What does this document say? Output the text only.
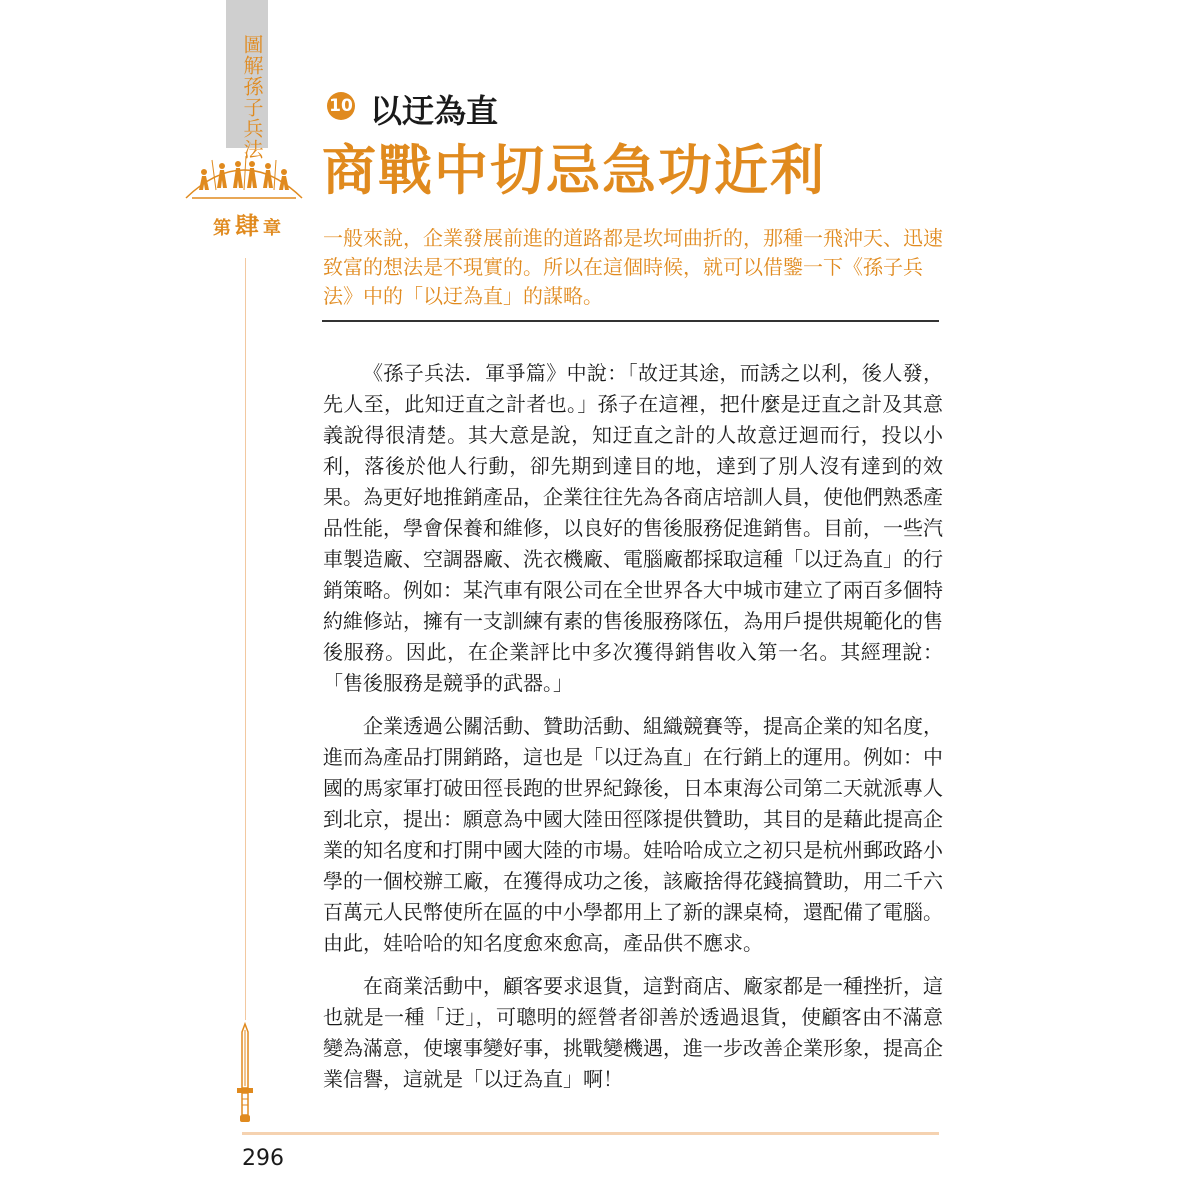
圖解孫子兵法
第肆章
10 以迂為直
商戰中切忌急功近利

一般來說，企業發展前進的道路都是坎坷曲折的，那種一飛沖天、迅速致富的想法是不現實的。所以在這個時候，就可以借鑒一下《孫子兵法》中的「以迂為直」的謀略。

《孫子兵法．軍爭篇》中說：「故迂其途，而誘之以利，後人發，先人至，此知迂直之計者也。」孫子在這裡，把什麼是迂直之計及其意義說得很清楚。其大意是說，知迂直之計的人故意迂迴而行，投以小利，落後於他人行動，卻先期到達目的地，達到了別人沒有達到的效果。為更好地推銷產品，企業往往先為各商店培訓人員，使他們熟悉產品性能，學會保養和維修，以良好的售後服務促進銷售。目前，一些汽車製造廠、空調器廠、洗衣機廠、電腦廠都採取這種「以迂為直」的行銷策略。例如：某汽車有限公司在全世界各大中城市建立了兩百多個特約維修站，擁有一支訓練有素的售後服務隊伍，為用戶提供規範化的售後服務。因此，在企業評比中多次獲得銷售收入第一名。其經理說：「售後服務是競爭的武器。」

企業透過公關活動、贊助活動、組織競賽等，提高企業的知名度，進而為產品打開銷路，這也是「以迂為直」在行銷上的運用。例如：中國的馬家軍打破田徑長跑的世界紀錄後，日本東海公司第二天就派專人到北京，提出：願意為中國大陸田徑隊提供贊助，其目的是藉此提高企業的知名度和打開中國大陸的市場。娃哈哈成立之初只是杭州郵政路小學的一個校辦工廠，在獲得成功之後，該廠捨得花錢搞贊助，用二千六百萬元人民幣使所在區的中小學都用上了新的課桌椅，還配備了電腦。由此，娃哈哈的知名度愈來愈高，產品供不應求。

在商業活動中，顧客要求退貨，這對商店、廠家都是一種挫折，這也就是一種「迂」，可聰明的經營者卻善於透過退貨，使顧客由不滿意變為滿意，使壞事變好事，挑戰變機遇，進一步改善企業形象，提高企業信譽，這就是「以迂為直」啊！

296
